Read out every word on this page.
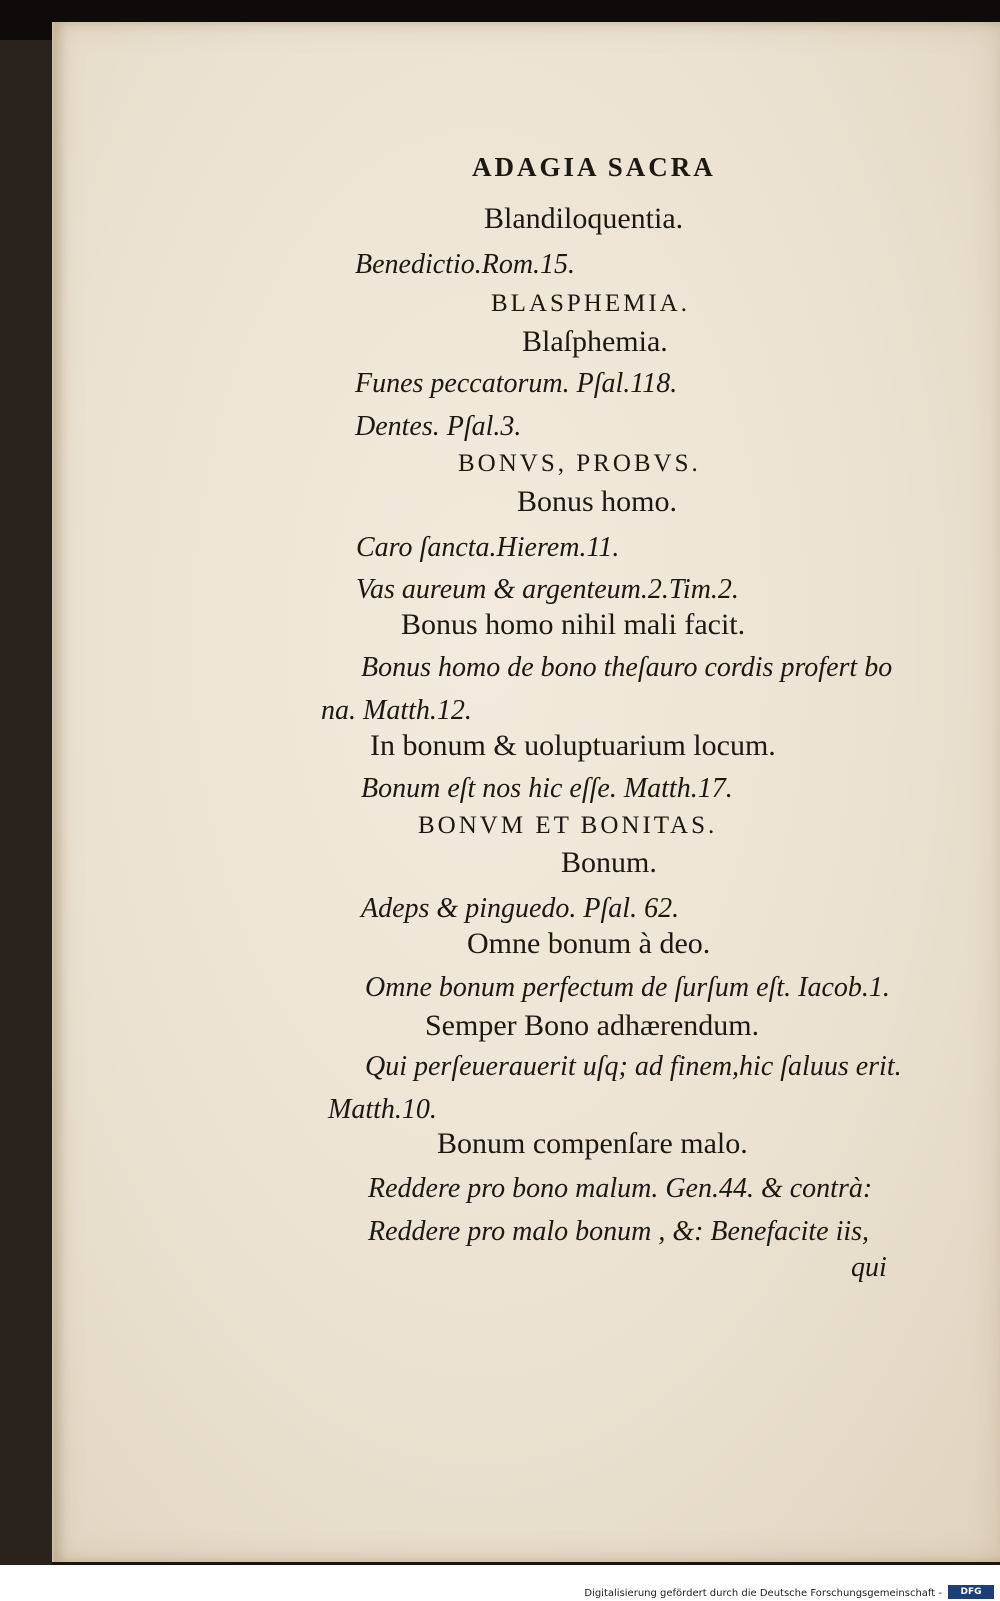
ADAGIA SACRA
Blandiloquentia.
Benedictio.Rom.15.
BLASPHEMIA.
Blaſphemia.
Funes peccatorum. Pſal.118.
Dentes. Pſal.3.
BONVS, PROBVS.
Bonus homo.
Caro ſancta.Hierem.11.
Vas aureum & argenteum.2.Tim.2.
Bonus homo nihil mali facit.
Bonus homo de bono theſauro cordis profert bo
na. Matth.12.
In bonum & uoluptuarium locum.
Bonum eſt nos hic eſſe. Matth.17.
BONVM ET BONITAS.
Bonum.
Adeps & pinguedo. Pſal. 62.
Omne bonum à deo.
Omne bonum perfectum de ſurſum eſt. Iacob.1.
Semper Bono adhærendum.
Qui perſeuerauerit uſq; ad finem,hic ſaluus erit.
Matth.10.
Bonum compenſare malo.
Reddere pro bono malum. Gen.44. & contrà:
Reddere pro malo bonum , &: Benefacite iis,
qui
Digitalisierung gefördert durch die Deutsche Forschungsgemeinschaft -	DFG
